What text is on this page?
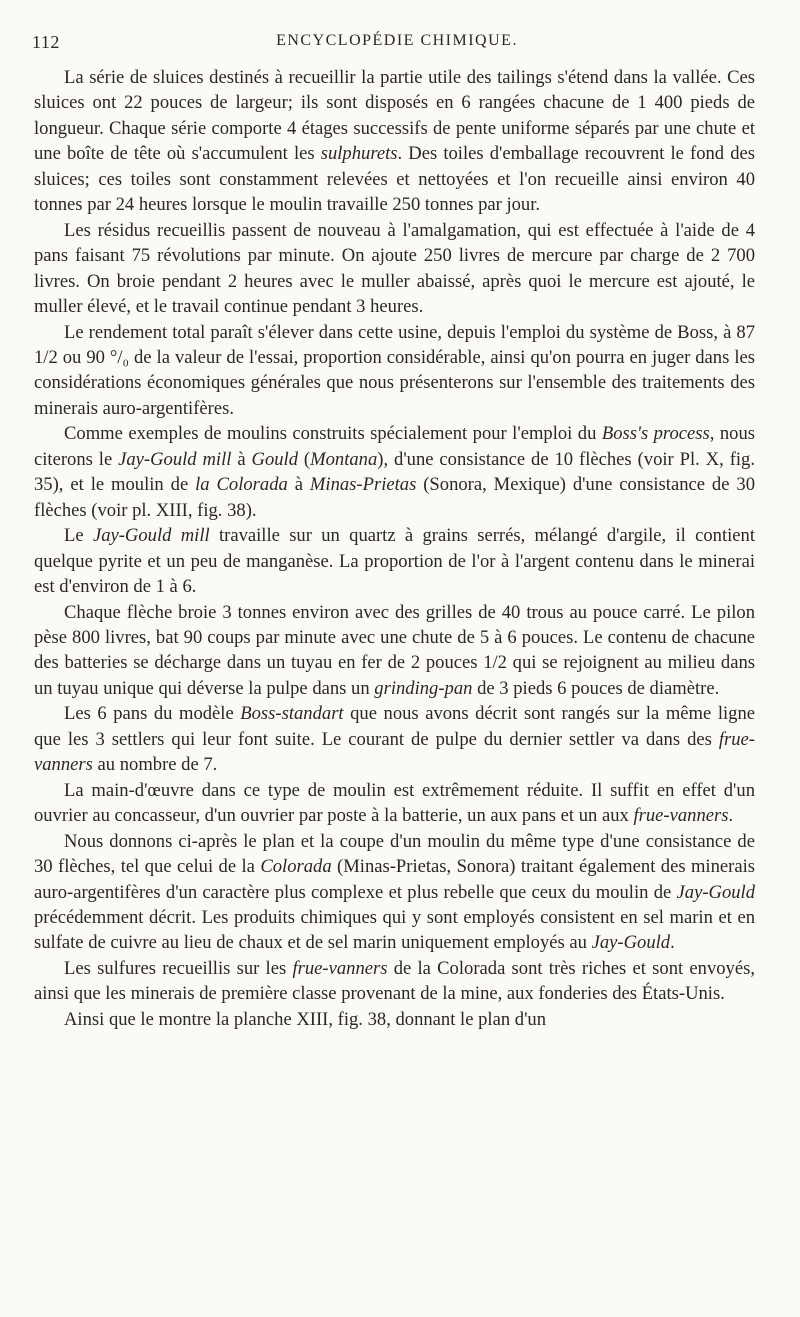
112	ENCYCLOPÉDIE CHIMIQUE.

La série de sluices destinés à recueillir la partie utile des tailings s'étend dans la vallée. Ces sluices ont 22 pouces de largeur; ils sont disposés en 6 rangées chacune de 1 400 pieds de longueur. Chaque série comporte 4 étages successifs de pente uniforme séparés par une chute et une boîte de tête où s'accumulent les sulphurets. Des toiles d'emballage recouvrent le fond des sluices; ces toiles sont constamment relevées et nettoyées et l'on recueille ainsi environ 40 tonnes par 24 heures lorsque le moulin travaille 250 tonnes par jour.

Les résidus recueillis passent de nouveau à l'amalgamation, qui est effectuée à l'aide de 4 pans faisant 75 révolutions par minute. On ajoute 250 livres de mercure par charge de 2 700 livres. On broie pendant 2 heures avec le muller abaissé, après quoi le mercure est ajouté, le muller élevé, et le travail continue pendant 3 heures.

Le rendement total paraît s'élever dans cette usine, depuis l'emploi du système de Boss, à 87 1/2 ou 90 °/₀ de la valeur de l'essai, proportion considérable, ainsi qu'on pourra en juger dans les considérations économiques générales que nous présenterons sur l'ensemble des traitements des minerais auro-argentifères.

Comme exemples de moulins construits spécialement pour l'emploi du Boss's process, nous citerons le Jay-Gould mill à Gould (Montana), d'une consistance de 10 flèches (voir Pl. X, fig. 35), et le moulin de la Colorada à Minas-Prietas (Sonora, Mexique) d'une consistance de 30 flèches (voir pl. XIII, fig. 38).

Le Jay-Gould mill travaille sur un quartz à grains serrés, mélangé d'argile, il contient quelque pyrite et un peu de manganèse. La proportion de l'or à l'argent contenu dans le minerai est d'environ de 1 à 6.

Chaque flèche broie 3 tonnes environ avec des grilles de 40 trous au pouce carré. Le pilon pèse 800 livres, bat 90 coups par minute avec une chute de 5 à 6 pouces. Le contenu de chacune des batteries se décharge dans un tuyau en fer de 2 pouces 1/2 qui se rejoignent au milieu dans un tuyau unique qui déverse la pulpe dans un grinding-pan de 3 pieds 6 pouces de diamètre.

Les 6 pans du modèle Boss-standart que nous avons décrit sont rangés sur la même ligne que les 3 settlers qui leur font suite. Le courant de pulpe du dernier settler va dans des frue-vanners au nombre de 7.

La main-d'œuvre dans ce type de moulin est extrêmement réduite. Il suffit en effet d'un ouvrier au concasseur, d'un ouvrier par poste à la batterie, un aux pans et un aux frue-vanners.

Nous donnons ci-après le plan et la coupe d'un moulin du même type d'une consistance de 30 flèches, tel que celui de la Colorada (Minas-Prietas, Sonora) traitant également des minerais auro-argentifères d'un caractère plus complexe et plus rebelle que ceux du moulin de Jay-Gould précédemment décrit. Les produits chimiques qui y sont employés consistent en sel marin et en sulfate de cuivre au lieu de chaux et de sel marin uniquement employés au Jay-Gould.

Les sulfures recueillis sur les frue-vanners de la Colorada sont très riches et sont envoyés, ainsi que les minerais de première classe provenant de la mine, aux fonderies des États-Unis.

Ainsi que le montre la planche XIII, fig. 38, donnant le plan d'un
